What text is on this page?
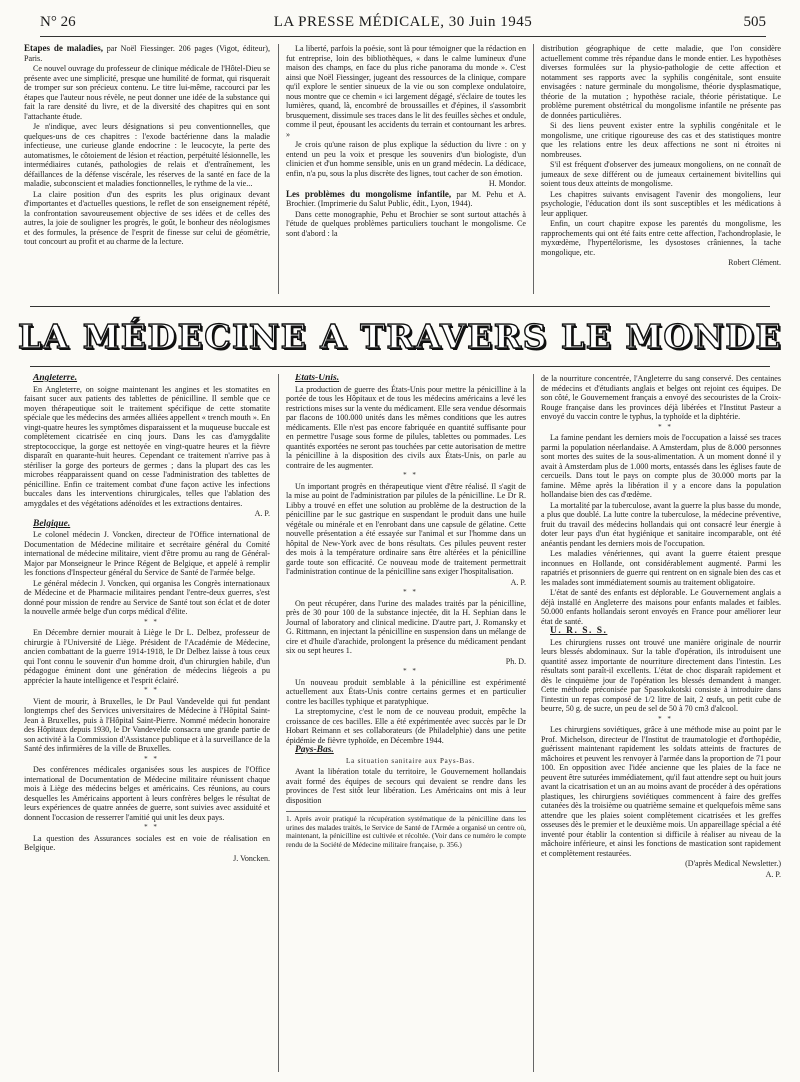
N° 26	LA PRESSE MÉDICALE, 30 Juin 1945	505

Etapes de maladies, par Noël Fiessinger. 206 pages (Vigot, éditeur), Paris.

Ce nouvel ouvrage du professeur de clinique médicale de l'Hôtel-Dieu se présente avec une simplicité, presque une humilité de format, qui risquerait de tromper sur son précieux contenu. Le titre lui-même, raccourci par les étapes que l'auteur nous révèle, ne peut donner une idée de la substance qui fait la rare densité du livre, et de la diversité des chapitres qui en sont l'attachante étude.

Je n'indique, avec leurs désignations si peu conventionnelles, que quelques-uns de ces chapitres : l'exode bactérienne dans la maladie infectieuse, une curieuse glande endocrine : le leucocyte, la perte des automatismes, le côtoiement de lésion et réaction, perpétuité lésionnelle, les intermédiaires cutanés, pathologies de relais et d'entraînement, les défaillances de la défense viscérale, les réserves de la santé en face de la maladie, subconscient et maladies fonctionnelles, le rythme de la vie...

La claire position d'un des esprits les plus originaux devant d'importantes et d'actuelles questions, le reflet de son enseignement répété, la confrontation savoureusement objective de ses idées et de celles des autres, la joie de souligner les progrès, le goût, le bonheur des néologismes et des formules, la présence de l'esprit de finesse sur celui de géométrie, tout concourt au profit et au charme de la lecture.

La liberté, parfois la poésie, sont là pour témoigner que la rédaction en fut entreprise, loin des bibliothèques, « dans le calme lumineux d'une maison des champs, en face du plus riche panorama du monde ». C'est ainsi que Noël Fiessinger, jugeant des ressources de la clinique, compare qu'il explore le sentier sinueux de la vie ou son complexe ondulatoire, nous montre que ce chemin « ici largement dégagé, s'éclaire de toutes les lumières, quand, là, encombré de broussailles et d'épines, il s'assombrit brusquement, dissimule ses traces dans le lit des feuilles sèches et ondule, comme il peut, épousant les accidents du terrain et contournant les arbres. »

Je crois qu'une raison de plus explique la séduction du livre : on y entend un peu la voix et presque les souvenirs d'un biologiste, d'un clinicien et d'un homme sensible, unis en un grand médecin. La dédicace, enfin, n'a pu, sous la plus discrète des lignes, tout cacher de son émotion.

H. Mondor.

Les problèmes du mongolisme infantile, par M. Pehu et A. Brochier. (Imprimerie du Salut Public, édit., Lyon, 1944).

Dans cette monographie, Pehu et Brochier se sont surtout attachés à l'étude de quelques problèmes particuliers touchant le mongolisme. Ce sont d'abord : la

distribution géographique de cette maladie, que l'on considère actuellement comme très répandue dans le monde entier. Les hypothèses diverses formulées sur la physio-pathologie de cette affection et notamment ses rapports avec la syphilis congénitale, sont ensuite envisagées : nature germinale du mongolisme, théorie dysplasmatique, théorie de la mutation ; hypothèse raciale, théorie péristatique. Le problème purement obstétrical du mongolisme infantile ne présente pas de données particulières.

Si des liens peuvent exister entre la syphilis congénitale et le mongolisme, une critique rigoureuse des cas et des statistiques montre que les relations entre les deux affections ne sont ni étroites ni nombreuses.

S'il est fréquent d'observer des jumeaux mongoliens, on ne connaît de jumeaux de sexe différent ou de jumeaux certainement bivitellins qui soient tous deux atteints de mongolisme.

Les chapitres suivants envisagent l'avenir des mongoliens, leur psychologie, l'éducation dont ils sont susceptibles et les médications à leur appliquer.

Enfin, un court chapitre expose les parentés du mongolisme, les rapprochements qui ont été faits entre cette affection, l'achondroplasie, le myxœdème, l'hypertélorisme, les dysostoses crâniennes, la tache mongolique, etc.

Robert Clément.

LA MÉDECINE A TRAVERS LE MONDE

Angleterre.

En Angleterre, on soigne maintenant les angines et les stomatites en faisant sucer aux patients des tablettes de pénicilline. Il semble que ce moyen thérapeutique soit le traitement spécifique de cette stomatite spéciale que les médecins des armées alliées appellent « trench mouth ». En vingt-quatre heures les symptômes disparaissent et la muqueuse buccale est complètement cicatrisée en cinq jours. Dans les cas d'amygdalite streptococcique, la gorge est nettoyée en vingt-quatre heures et la fièvre disparaît en quarante-huit heures. Cependant ce traitement n'arrive pas à stériliser la gorge des porteurs de germes ; dans la plupart des cas les microbes réapparaissent quand on cesse l'administration des tablettes de pénicilline. Enfin ce traitement combat d'une façon active les infections buccales dans les interventions chirurgicales, telles que l'ablation des amygdales et des végétations adénoïdes et les extractions dentaires.

A. P.

Belgique.

Le colonel médecin J. Voncken, directeur de l'Office international de Documentation de Médecine militaire et secrétaire général du Comité international de médecine militaire, vient d'être promu au rang de Général-Major par Monseigneur le Prince Régent de Belgique, et appelé à remplir les fonctions d'Inspecteur général du Service de Santé de l'armée belge.

Le général médecin J. Voncken, qui organisa les Congrès internationaux de Médecine et de Pharmacie militaires pendant l'entre-deux guerres, s'est donné pour mission de rendre au Service de Santé tout son éclat et de doter la nouvelle armée belge d'un corps médical d'élite.

* *

En Décembre dernier mourait à Liège le Dr L. Delbez, professeur de chirurgie à l'Université de Liège. Président de l'Académie de Médecine, ancien combattant de la guerre 1914-1918, le Dr Delbez laisse à tous ceux qui l'ont connu le souvenir d'un homme droit, d'un chirurgien habile, d'un pédagogue éminent dont une génération de médecins liégeois a pu apprécier la haute intelligence et l'esprit éclairé.

* *

Vient de mourir, à Bruxelles, le Dr Paul Vandevelde qui fut pendant longtemps chef des Services universitaires de Médecine à l'Hôpital Saint-Jean à Bruxelles, puis à l'Hôpital Saint-Pierre. Nommé médecin honoraire des Hôpitaux depuis 1930, le Dr Vandevelde consacra une grande partie de son activité à la Commission d'Assistance publique et à la surveillance de la Santé des infirmières de la ville de Bruxelles.

* *

Des conférences médicales organisées sous les auspices de l'Office international de Documentation de Médecine militaire réunissent chaque mois à Liège des médecins belges et américains. Ces réunions, au cours desquelles les Américains apportent à leurs confrères belges le résultat de leurs expériences de quatre années de guerre, sont suivies avec assiduité et donnent l'occasion de resserrer l'amitié qui unit les deux pays.

* *

La question des Assurances sociales est en voie de réalisation en Belgique.

J. Voncken.

États-Unis.

La production de guerre des États-Unis pour mettre la pénicilline à la portée de tous les Hôpitaux et de tous les médecins américains a levé les restrictions mises sur la vente du médicament. Elle sera vendue désormais par flacons de 100.000 unités dans les mêmes conditions que les autres médicaments. Elle n'est pas encore fabriquée en quantité suffisante pour en permettre l'usage sous forme de pilules, tablettes ou pommades. Les quantités exportées ne seront pas touchées par cette autorisation de mettre la pénicilline à la disposition des civils aux États-Unis, on parle au contraire de les augmenter.

* *

Un important progrès en thérapeutique vient d'être réalisé. Il s'agit de la mise au point de l'administration par pilules de la pénicilline. Le Dr R. Libby a trouvé en effet une solution au problème de la destruction de la pénicilline par le suc gastrique en suspendant le produit dans une huile végétale ou minérale et en l'enrobant dans une capsule de gélatine. Cette nouvelle présentation a été essayée sur l'animal et sur l'homme dans un hôpital de New-York avec de bons résultats. Ces pilules peuvent rester des mois à la température ordinaire sans être altérées et la pénicilline garde toute son efficacité. Ce nouveau mode de traitement permettrait l'administration continue de la pénicilline sans exiger l'hospitalisation.

A. P.

* *

On peut récupérer, dans l'urine des malades traités par la pénicilline, près de 30 pour 100 de la substance injectée, dit la H. Sephian dans le Journal of laboratory and clinical medicine. D'autre part, J. Romansky et G. Rittmann, en injectant la pénicilline en suspension dans un mélange de cire et d'huile d'arachide, prolongent la présence du médicament pendant six ou sept heures 1.

Ph. D.

* *

Un nouveau produit semblable à la pénicilline est expérimenté actuellement aux États-Unis contre certains germes et en particulier contre les bacilles typhique et paratyphique.

La streptomycine, c'est le nom de ce nouveau produit, empêche la croissance de ces bacilles. Elle a été expérimentée avec succès par le Dr Hobart Reimann et ses collaborateurs (de Philadelphie) dans une petite épidémie de fièvre typhoïde, en Décembre 1944.

Pays-Bas.

La situation sanitaire aux Pays-Bas.

Avant la libération totale du territoire, le Gouvernement hollandais avait formé des équipes de secours qui devaient se rendre dans les provinces de l'est sitôt leur libération. Les Américains ont mis à leur disposition

1. Après avoir pratiqué la récupération systématique de la pénicilline dans les urines des malades traités, le Service de Santé de l'Armée a organisé un centre où, maintenant, la pénicilline est cultivée et récoltée. (Voir dans ce numéro le compte rendu de la Société de Médecine militaire française, p. 356.)

de la nourriture concentrée, l'Angleterre du sang conservé. Des centaines de médecins et d'étudiants anglais et belges ont rejoint ces équipes. De son côté, le Gouvernement français a envoyé des secouristes de la Croix-Rouge française dans les provinces déjà libérées et l'Institut Pasteur a envoyé du vaccin contre le typhus, la typhoïde et la diphtérie.

* *

La famine pendant les derniers mois de l'occupation a laissé ses traces parmi la population néerlandaise. A Amsterdam, plus de 8.000 personnes sont mortes des suites de la sous-alimentation. A un moment donné il y avait à Amsterdam plus de 1.000 morts, entassés dans les églises faute de cercueils. Dans tout le pays on compte plus de 30.000 morts par la famine. Même après la libération il y a encore dans la population hollandaise bien des cas d'œdème.

La mortalité par la tuberculose, avant la guerre la plus basse du monde, a plus que doublé. La lutte contre la tuberculose, la médecine préventive, fruit du travail des médecins hollandais qui ont consacré leur énergie à doter leur pays d'un état hygiénique et sanitaire incomparable, ont été anéantis pendant les derniers mois de l'occupation.

Les maladies vénériennes, qui avant la guerre étaient presque inconnues en Hollande, ont considérablement augmenté. Parmi les rapatriés et prisonniers de guerre qui rentrent on en signale bien des cas et les malades sont immédiatement soumis au traitement obligatoire.

L'état de santé des enfants est déplorable. Le Gouvernement anglais a déjà installé en Angleterre des maisons pour enfants malades et faibles. 50.000 enfants hollandais seront envoyés en France pour améliorer leur état de santé.

U. R. S. S.

Les chirurgiens russes ont trouvé une manière originale de nourrir leurs blessés abdominaux. Sur la table d'opération, ils introduisent une quantité assez importante de nourriture directement dans l'intestin. Les résultats sont paraît-il excellents. L'état de choc disparaît rapidement et dès le cinquième jour de l'opération les blessés demandent à manger. Cette méthode préconisée par Spasokukotski consiste à introduire dans l'intestin un repas composé de 1/2 litre de lait, 2 œufs, un petit cube de beurre, 50 g. de sucre, un peu de sel de 50 à 70 cm3 d'alcool.

* *

Les chirurgiens soviétiques, grâce à une méthode mise au point par le Prof. Michelson, directeur de l'Institut de traumatologie et d'orthopédie, guérissent maintenant rapidement les soldats atteints de fractures de mâchoires et peuvent les renvoyer à l'armée dans la proportion de 71 pour 100. En opposition avec l'idée ancienne que les plaies de la face ne peuvent être suturées immédiatement, qu'il faut attendre sept ou huit jours avant la cicatrisation et un an au moins avant de procéder à des opérations plastiques, les chirurgiens soviétiques commencent à faire des greffes cutanées dès la troisième ou quatrième semaine et quelquefois même sans attendre que les plaies soient complètement cicatrisées et les greffes osseuses dès le premier et le deuxième mois. Un appareillage spécial a été inventé pour établir la contention si difficile à réaliser au niveau de la mâchoire inférieure, et ainsi les fonctions de mastication sont rapidement et complètement restaurées.

(D'après Medical Newsletter.)

A. P.
